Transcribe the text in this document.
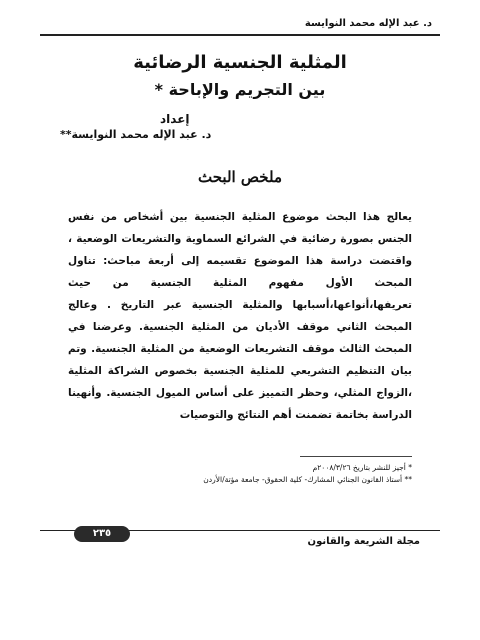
د. عبد الإله محمد النوايسة
المثلية الجنسية الرضائية
بين التجريم والإباحة *
إعداد
د. عبد الإله محمد النوايسة**
ملخص البحث
يعالج هذا البحث موضوع المثلية الجنسية بين أشخاص من نفس الجنس بصورة رضائية في الشرائع السماوية والتشريعات الوضعية ، واقتضت دراسة هذا الموضوع تقسيمه إلى أربعة مباحث: تناول المبحث الأول مفهوم المثلية الجنسية من حيث تعريفها،أنواعها،أسبابها والمثلية الجنسية عبر التاريخ . وعالج المبحث الثاني موقف الأديان من المثلية الجنسية. وعرضنا في المبحث الثالث موقف التشريعات الوضعية من المثلية الجنسية. وتم بيان التنظيم التشريعي للمثلية الجنسية بخصوص الشراكة المثلية ،الزواج المثلي، وحظر التمييز على أساس الميول الجنسية. وأنهينا الدراسة بخاتمة تضمنت أهم النتائج والتوصيات
* أجيز للنشر بتاريخ ٢٠٠٨/٣/٢٦م
** أستاذ القانون الجنائي المشارك- كلية الحقوق- جامعة مؤتة/الأردن
٢٣٥
مجلة الشريعة والقانون
